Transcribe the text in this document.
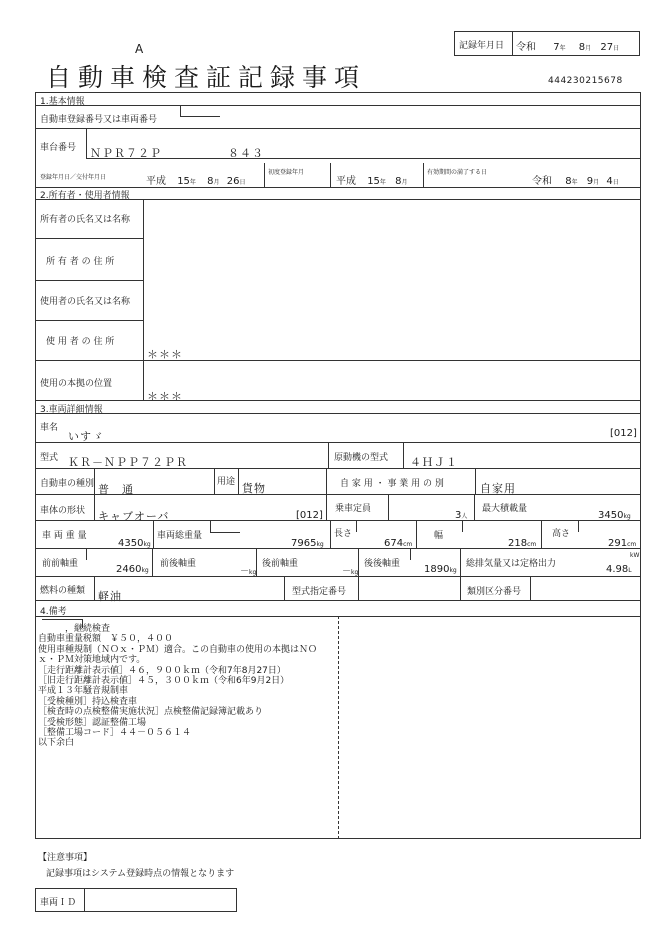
A
自動車検査証記録事項
記録年月日 令和 7年 8月 27日
444230215678
1.基本情報
自動車登録番号又は車両番号
車台番号 ＮＰＲ７２Ｐ	８４３
登録年月日／交付年月日	平成 15年 8月 26日
初度登録年月
平成 15年 8月
有効期間の満了する日
令和 8年 9月 4日
2.所有者・使用者情報
所有者の氏名又は名称
所 有 者 の 住 所
使用者の氏名又は名称
使 用 者 の 住 所
＊＊＊
使用の本拠の位置
＊＊＊
3.車両詳細情報
車名
いすゞ	[012]
型式 ＫＲ－ＮＰＰ７２ＰＲ	原動機の型式 ４ＨＪ１
自動車の種別 普　通
用途 貨物	自 家 用 ・ 事 業 用 の 別	自家用
車体の形状 キャブオーバ	[012]
乗車定員
3人
最大積載量
3450kg
車 両 重 量
4350kg
車両総重量
7965kg
長さ
674cm
幅
218cm
高さ
291cm
前前軸重	2460kg
前後軸重
－kg
後前軸重
－kg
後後軸重 1890kg
総排気量又は定格出力
kW
4.98L
燃料の種類 軽油	型式指定番号	類別区分番号
4.備考
　　　，継続検査
自動車重量税額　￥５０，４００
使用車種規制（ＮＯｘ・ＰＭ）適合。この自動車の使用の本拠はＮＯ
ｘ・ＰＭ対策地域内です。
［走行距離計表示値］４６，９００ｋｍ（令和7年8月27日）
［旧走行距離計表示値］４５，３００ｋｍ（令和6年9月2日）
平成１３年騒音規制車
［受検種別］持込検査車
［検査時の点検整備実施状況］点検整備記録簿記載あり
［受検形態］認証整備工場
［整備工場コード］４４－０５６１４
以下余白
【注意事項】
記録事項はシステム登録時点の情報となります
車両ＩＤ
